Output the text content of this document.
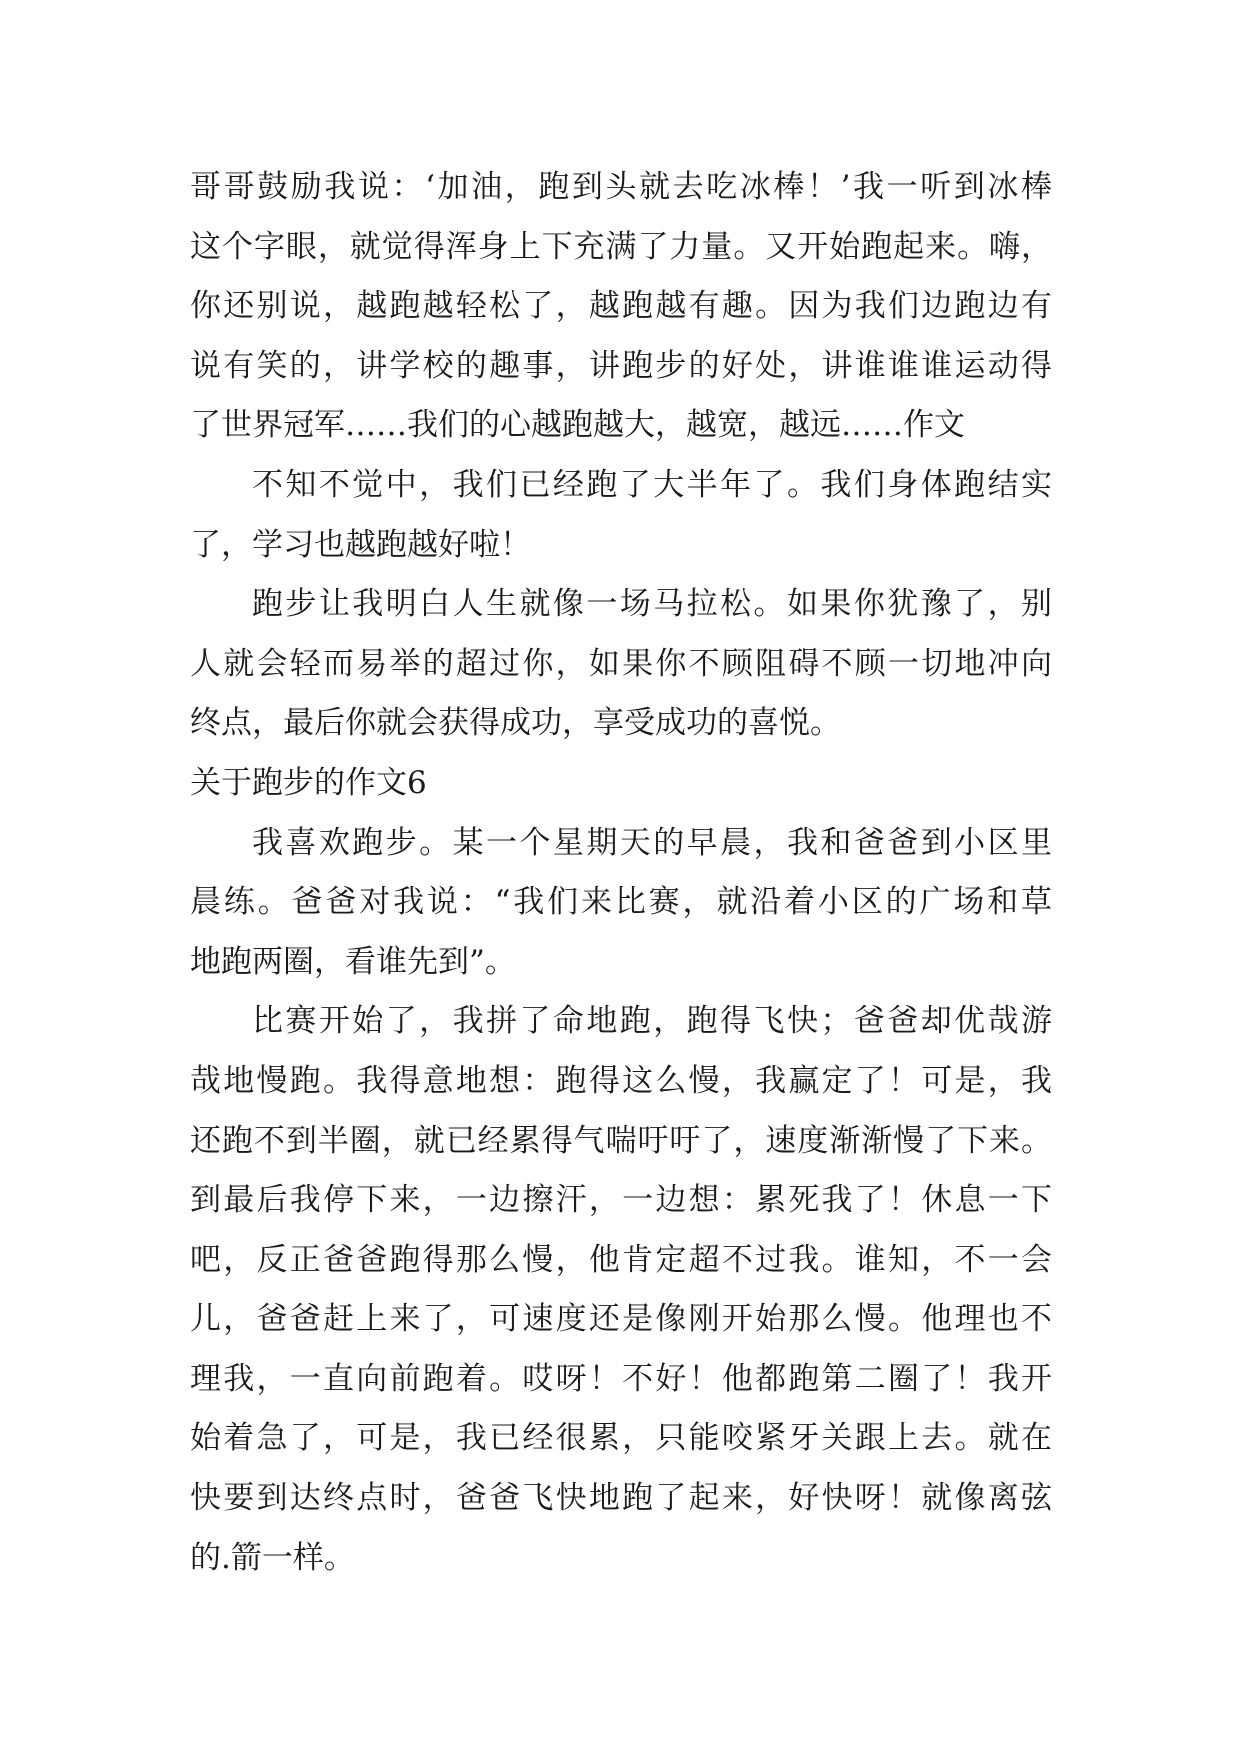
哥哥鼓励我说：‘加油，跑到头就去吃冰棒！’我一听到冰棒
这个字眼，就觉得浑身上下充满了力量。又开始跑起来。嗨，
你还别说，越跑越轻松了，越跑越有趣。因为我们边跑边有
说有笑的，讲学校的趣事，讲跑步的好处，讲谁谁谁运动得
了世界冠军……我们的心越跑越大，越宽，越远……作文
不知不觉中，我们已经跑了大半年了。我们身体跑结实
了，学习也越跑越好啦！
跑步让我明白人生就像一场马拉松。如果你犹豫了，别
人就会轻而易举的超过你，如果你不顾阻碍不顾一切地冲向
终点，最后你就会获得成功，享受成功的喜悦。
关于跑步的作文6
我喜欢跑步。某一个星期天的早晨，我和爸爸到小区里
晨练。爸爸对我说：“我们来比赛，就沿着小区的广场和草
地跑两圈，看谁先到”。
比赛开始了，我拼了命地跑，跑得飞快；爸爸却优哉游
哉地慢跑。我得意地想：跑得这么慢，我赢定了！可是，我
还跑不到半圈，就已经累得气喘吁吁了，速度渐渐慢了下来。
到最后我停下来，一边擦汗，一边想：累死我了！休息一下
吧，反正爸爸跑得那么慢，他肯定超不过我。谁知，不一会
儿，爸爸赶上来了，可速度还是像刚开始那么慢。他理也不
理我，一直向前跑着。哎呀！不好！他都跑第二圈了！我开
始着急了，可是，我已经很累，只能咬紧牙关跟上去。就在
快要到达终点时，爸爸飞快地跑了起来，好快呀！就像离弦
的.箭一样。
